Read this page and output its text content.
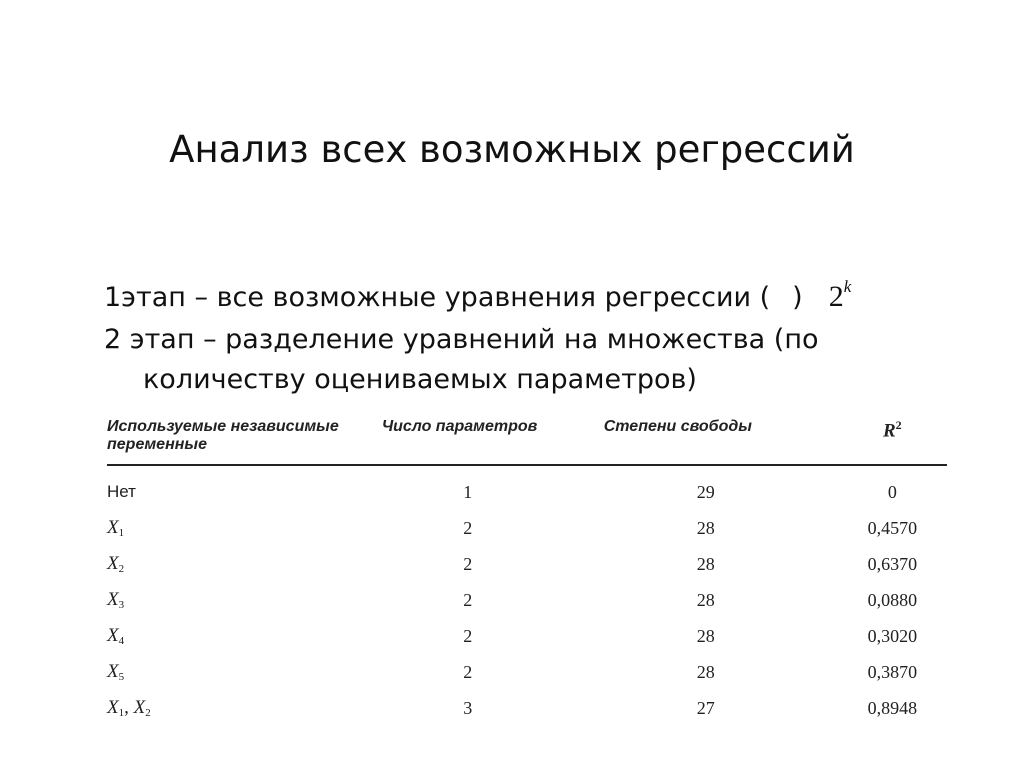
Анализ всех возможных регрессий
1этап – все возможные уравнения регрессии ( ) 2$^k$
2 этап – разделение уравнений на множества (по
количеству оцениваемых параметров)
Используемые независимые
переменные	Число параметров	Степени свободы	$R^2$
Нет	1	29	0
$X_1$	2	28	0,4570
$X_2$	2	28	0,6370
$X_3$	2	28	0,0880
$X_4$	2	28	0,3020
$X_5$	2	28	0,3870
$X_1$, $X_2$	3	27	0,8948
